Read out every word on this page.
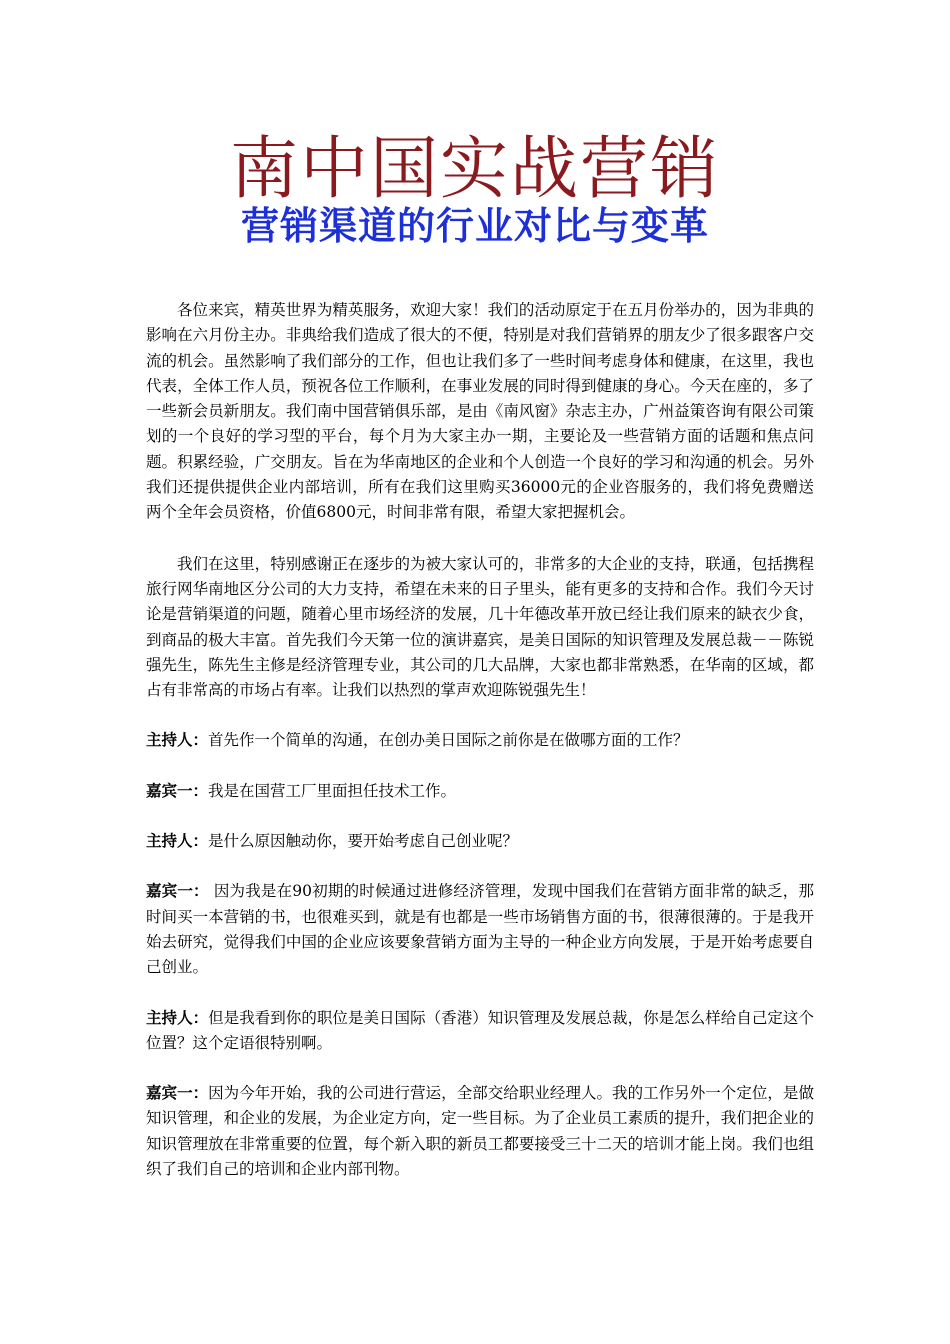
南中国实战营销
营销渠道的行业对比与变革

各位来宾，精英世界为精英服务，欢迎大家！我们的活动原定于在五月份举办的，因为非典的影响在六月份主办。非典给我们造成了很大的不便，特别是对我们营销界的朋友少了很多跟客户交流的机会。虽然影响了我们部分的工作，但也让我们多了一些时间考虑身体和健康，在这里，我也代表，全体工作人员，预祝各位工作顺利，在事业发展的同时得到健康的身心。今天在座的，多了一些新会员新朋友。我们南中国营销俱乐部，是由《南风窗》杂志主办，广州益策咨询有限公司策划的一个良好的学习型的平台，每个月为大家主办一期，主要论及一些营销方面的话题和焦点问题。积累经验，广交朋友。旨在为华南地区的企业和个人创造一个良好的学习和沟通的机会。另外我们还提供提供企业内部培训，所有在我们这里购买36000元的企业咨服务的，我们将免费赠送两个全年会员资格，价值6800元，时间非常有限，希望大家把握机会。

我们在这里，特别感谢正在逐步的为被大家认可的，非常多的大企业的支持，联通，包括携程旅行网华南地区分公司的大力支持，希望在未来的日子里头，能有更多的支持和合作。我们今天讨论是营销渠道的问题，随着心里市场经济的发展，几十年德改革开放已经让我们原来的缺衣少食，到商品的极大丰富。首先我们今天第一位的演讲嘉宾，是美日国际的知识管理及发展总裁－－陈锐强先生，陈先生主修是经济管理专业，其公司的几大品牌，大家也都非常熟悉，在华南的区域，都占有非常高的市场占有率。让我们以热烈的掌声欢迎陈锐强先生！

主持人：首先作一个简单的沟通，在创办美日国际之前你是在做哪方面的工作？

嘉宾一：我是在国营工厂里面担任技术工作。

主持人：是什么原因触动你，要开始考虑自己创业呢？

嘉宾一： 因为我是在90初期的时候通过进修经济管理，发现中国我们在营销方面非常的缺乏，那时间买一本营销的书，也很难买到，就是有也都是一些市场销售方面的书，很薄很薄的。于是我开始去研究，觉得我们中国的企业应该要象营销方面为主导的一种企业方向发展，于是开始考虑要自己创业。

主持人：但是我看到你的职位是美日国际（香港）知识管理及发展总裁，你是怎么样给自己定这个位置？这个定语很特别啊。

嘉宾一：因为今年开始，我的公司进行营运，全部交给职业经理人。我的工作另外一个定位，是做知识管理，和企业的发展，为企业定方向，定一些目标。为了企业员工素质的提升，我们把企业的知识管理放在非常重要的位置，每个新入职的新员工都要接受三十二天的培训才能上岗。我们也组织了我们自己的培训和企业内部刊物。
